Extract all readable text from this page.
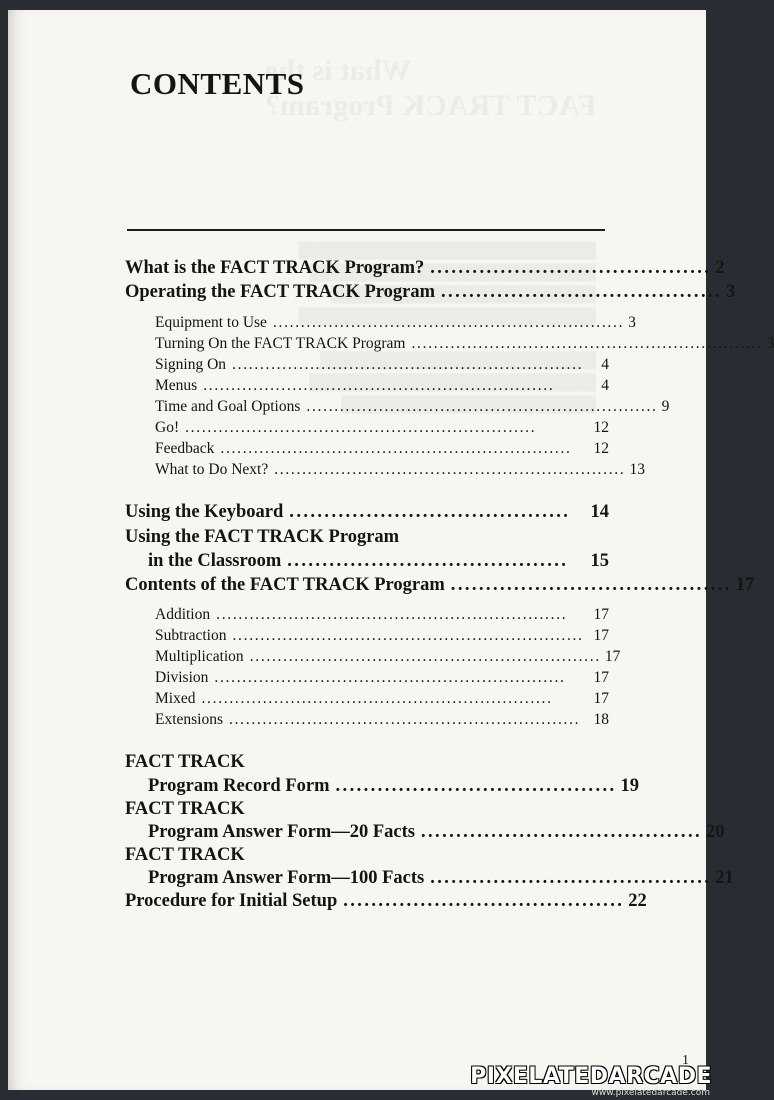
CONTENTS
What is the FACT TRACK Program? ........................................ 2
Operating the FACT TRACK Program ........................................ 3
Equipment to Use ............................................................... 3
Turning On the FACT TRACK Program ............................................................... 3
Signing On ...............................................................	4
Menus ...............................................................	4
Time and Goal Options ............................................................... 9
Go! ...............................................................	12
Feedback ...............................................................	12
What to Do Next? ............................................................... 13
Using the Keyboard ........................................	14
Using the FACT TRACK Program
in the Classroom ........................................	15
Contents of the FACT TRACK Program ........................................ 17
Addition ...............................................................	17
Subtraction ............................................................... 17
Multiplication ............................................................... 17
Division ...............................................................	17
Mixed ...............................................................	17
Extensions ............................................................... 18
FACT TRACK
Program Record Form ........................................ 19
FACT TRACK
Program Answer Form—20 Facts ........................................ 20
FACT TRACK
Program Answer Form—100 Facts ........................................ 21
Procedure for Initial Setup ........................................ 22
1
PIXELATEDARCADE
www.pixelatedarcade.com
